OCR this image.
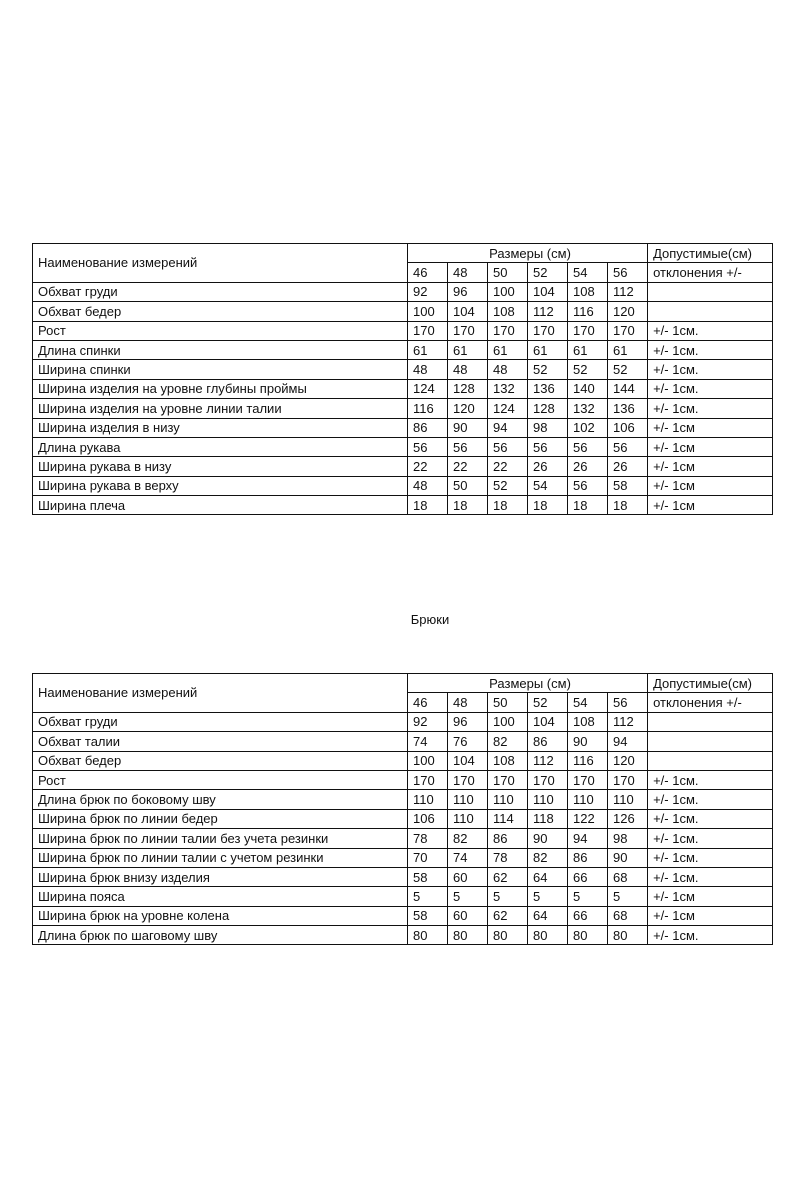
Наименование измерений	Размеры (см)						Допустимые(см)
	46	48	50	52	54	56	отклонения +/-
Обхват груди	92	96	100	104	108	112	
Обхват бедер	100	104	108	112	116	120	
Рост	170	170	170	170	170	170	+/- 1см.
Длина спинки	61	61	61	61	61	61	+/- 1см.
Ширина спинки	48	48	48	52	52	52	+/- 1см.
Ширина изделия на уровне глубины проймы	124	128	132	136	140	144	+/- 1см.
Ширина изделия на уровне линии талии	116	120	124	128	132	136	+/- 1см.
Ширина изделия в низу	86	90	94	98	102	106	+/- 1см
Длина рукава	56	56	56	56	56	56	+/- 1см
Ширина рукава в низу	22	22	22	26	26	26	+/- 1см
Ширина рукава в верху	48	50	52	54	56	58	+/- 1см
Ширина плеча	18	18	18	18	18	18	+/- 1см
Брюки
Наименование измерений	Размеры (см)						Допустимые(см)
	46	48	50	52	54	56	отклонения +/-
Обхват груди	92	96	100	104	108	112	
Обхват талии	74	76	82	86	90	94	
Обхват бедер	100	104	108	112	116	120	
Рост	170	170	170	170	170	170	+/- 1см.
Длина брюк по боковому шву	110	110	110	110	110	110	+/- 1см.
Ширина брюк по линии бедер	106	110	114	118	122	126	+/- 1см.
Ширина брюк по линии талии без учета резинки	78	82	86	90	94	98	+/- 1см.
Ширина брюк по линии талии с учетом резинки	70	74	78	82	86	90	+/- 1см.
Ширина брюк внизу изделия	58	60	62	64	66	68	+/- 1см.
Ширина пояса	5	5	5	5	5	5	+/- 1см
Ширина брюк на уровне колена	58	60	62	64	66	68	+/- 1см
Длина брюк по шаговому шву	80	80	80	80	80	80	+/- 1см.
